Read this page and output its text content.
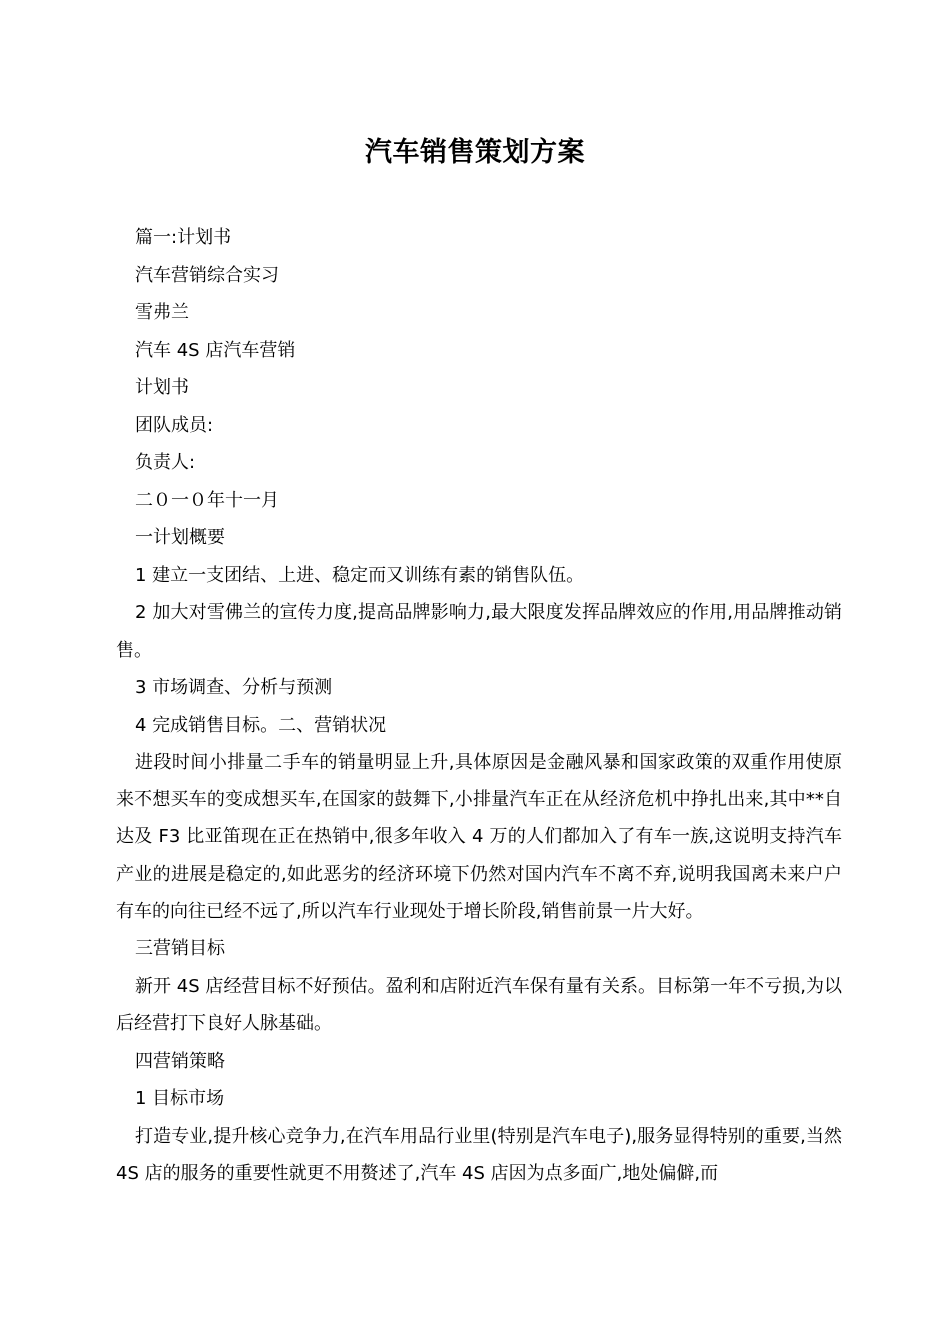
汽车销售策划方案

篇一:计划书

汽车营销综合实习

雪弗兰

汽车 4S 店汽车营销

计划书

团队成员:

负责人:

二０一０年十一月

一计划概要

1 建立一支团结、上进、稳定而又训练有素的销售队伍。

2 加大对雪佛兰的宣传力度,提高品牌影响力,最大限度发挥品牌效应的作用,用品牌推动销售。

3 市场调查、分析与预测

4 完成销售目标。二、营销状况

进段时间小排量二手车的销量明显上升,具体原因是金融风暴和国家政策的双重作用使原来不想买车的变成想买车,在国家的鼓舞下,小排量汽车正在从经济危机中挣扎出来,其中**自达及 F3 比亚笛现在正在热销中,很多年收入 4 万的人们都加入了有车一族,这说明支持汽车产业的进展是稳定的,如此恶劣的经济环境下仍然对国内汽车不离不弃,说明我国离未来户户有车的向往已经不远了,所以汽车行业现处于增长阶段,销售前景一片大好。

三营销目标

新开 4S 店经营目标不好预估。盈利和店附近汽车保有量有关系。目标第一年不亏损,为以后经营打下良好人脉基础。

四营销策略

1 目标市场

打造专业,提升核心竞争力,在汽车用品行业里(特别是汽车电子),服务显得特别的重要,当然 4S 店的服务的重要性就更不用赘述了,汽车 4S 店因为点多面广,地处偏僻,而
